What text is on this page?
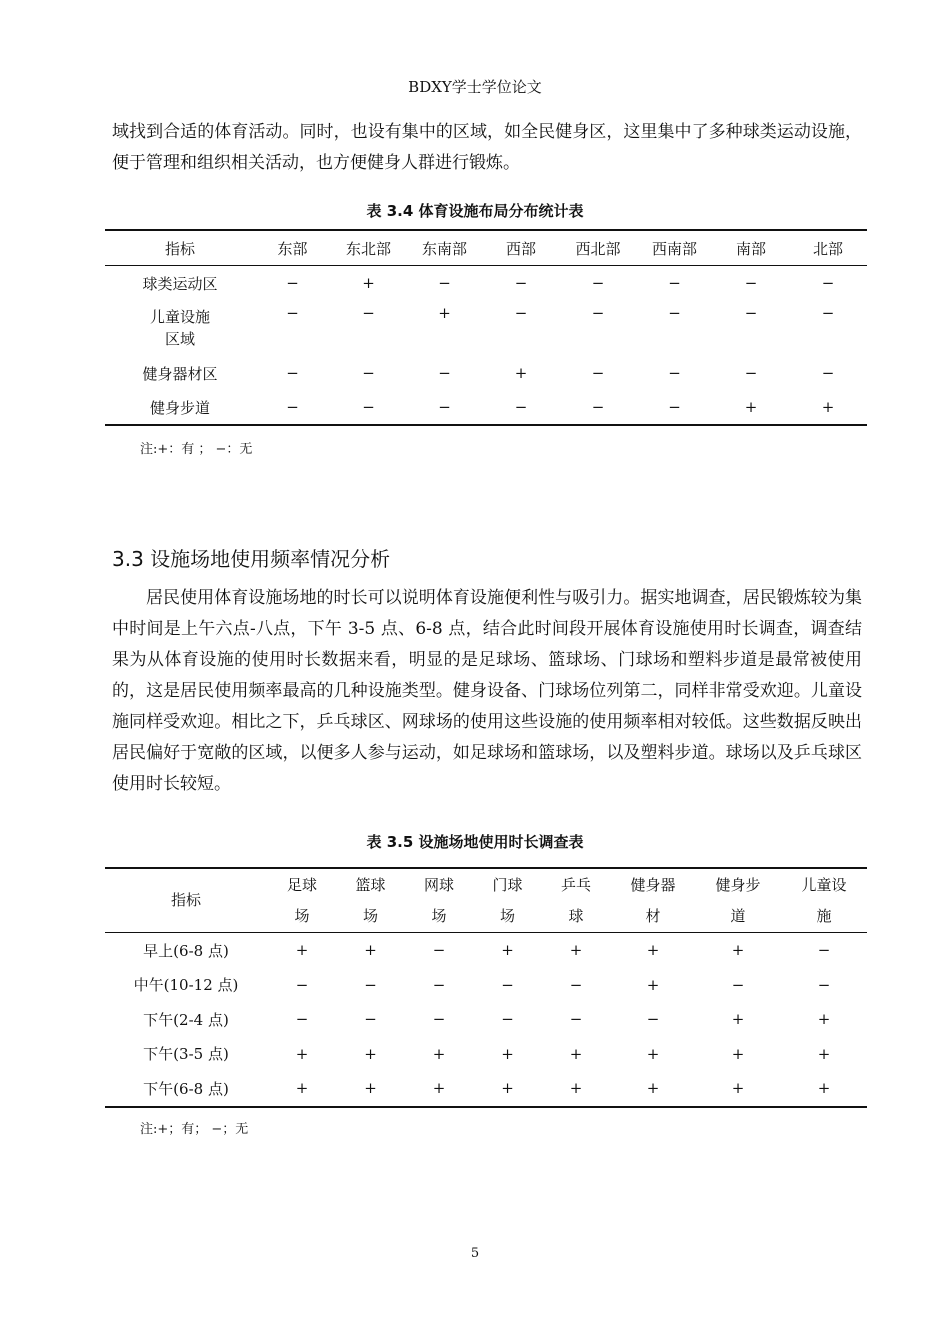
BDXY学士学位论文

域找到合适的体育活动。同时，也设有集中的区域，如全民健身区，这里集中了多种球类运动设施，便于管理和组织相关活动，也方便健身人群进行锻炼。

表 3.4 体育设施布局分布统计表
指标	东部	东北部	东南部	西部	西北部	西南部	南部	北部
球类运动区	−	+	−	−	−	−	−	−
儿童设施区域	−	−	+	−	−	−	−	−
健身器材区	−	−	−	+	−	−	−	−
健身步道	−	−	−	−	−	−	+	+
注:+：有 ； −：无
3.3 设施场地使用频率情况分析

居民使用体育设施场地的时长可以说明体育设施便利性与吸引力。据实地调查，居民锻炼较为集中时间是上午六点-八点，下午 3-5 点、6-8 点，结合此时间段开展体育设施使用时长调查，调查结果为从体育设施的使用时长数据来看，明显的是足球场、篮球场、门球场和塑料步道是最常被使用的，这是居民使用频率最高的几种设施类型。健身设备、门球场位列第二，同样非常受欢迎。儿童设施同样受欢迎。相比之下，乒乓球区、网球场的使用这些设施的使用频率相对较低。这些数据反映出居民偏好于宽敞的区域，以便多人参与运动，如足球场和篮球场，以及塑料步道。球场以及乒乓球区使用时长较短。

表 3.5 设施场地使用时长调查表
指标	足球场	篮球场	网球场	门球场	乒乓球	健身器材	健身步道	儿童设施
早上(6-8 点)	+	+	−	+	+	+	+	−
中午(10-12 点)	−	−	−	−	−	+	−	−
下午(2-4 点)	−	−	−	−	−	−	+	+
下午(3-5 点)	+	+	+	+	+	+	+	+
下午(6-8 点)	+	+	+	+	+	+	+	+
注:+；有； −；无
5
